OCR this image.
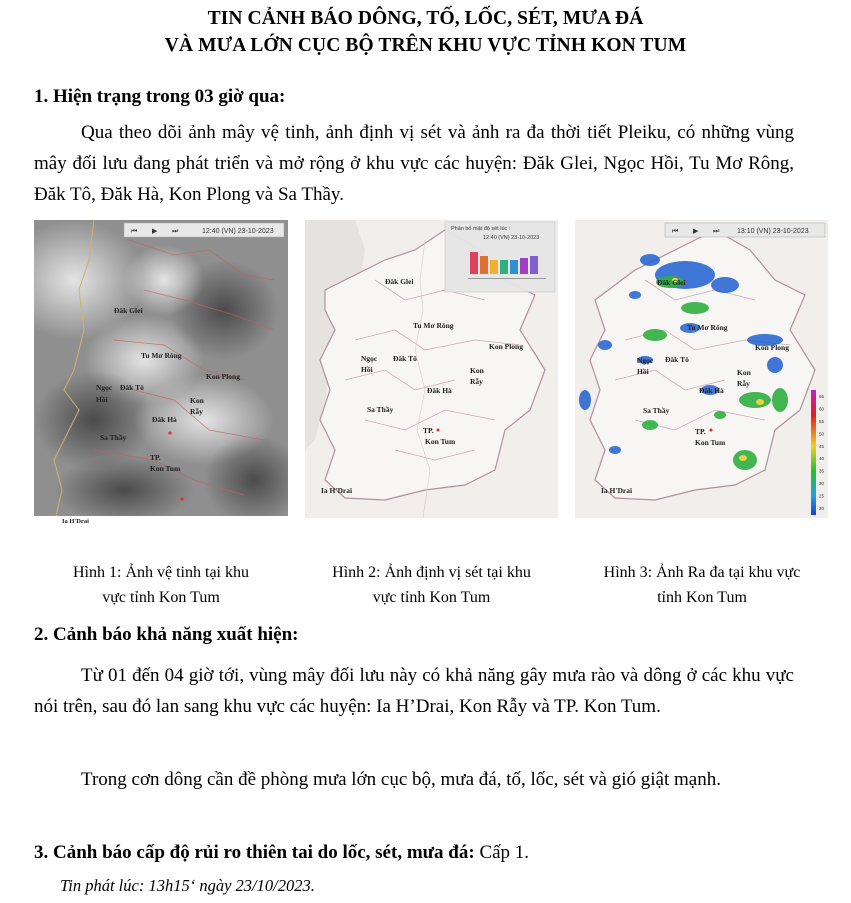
TIN CẢNH BÁO DÔNG, TỐ, LỐC, SÉT, MƯA ĐÁ
VÀ MƯA LỚN CỤC BỘ TRÊN KHU VỰC TỈNH KON TUM
1. Hiện trạng trong 03 giờ qua:
Qua theo dõi ảnh mây vệ tinh, ảnh định vị sét và ảnh ra đa thời tiết Pleiku, có những vùng mây đối lưu đang phát triển và mở rộng ở khu vực các huyện: Đăk Glei, Ngọc Hồi, Tu Mơ Rông, Đăk Tô, Đăk Hà, Kon Plong và Sa Thầy.
⏮ ▶ ⏭	12:40 (VN) 23-10-2023
Đăk Glei
Tu Mơ Rông
Kon Plong
Ngọc
Hồi
Đăk Tô
Kon
Rẫy
Đăk Hà
Sa Thầy
TP.
Kon Tum
Ia H'Drai
Phân bố mật độ sét lúc :
12:40 (VN) 23-10-2023
Đăk Glei
Tu Mơ Rông
Kon Plong
Ngọc
Hồi
Đăk Tô
Kon
Rẫy
Đăk Hà
Sa Thầy
TP.
Kon Tum
Ia H'Drai
⏮ ▶ ⏭	13:10 (VN) 23-10-2023
65
60
55
50
45
40
35
30
25
20
Đăk Glei
Tu Mơ Rông
Kon Plong
Ngọc
Hồi
Đăk Tô
Kon
Rẫy
Đăk Hà
Sa Thầy
TP.
Kon Tum
Ia H'Drai
Hình 1: Ảnh vệ tinh tại khu
vực tỉnh Kon Tum
Hình 2: Ảnh định vị sét tại khu
vực tỉnh Kon Tum
Hình 3: Ảnh Ra đa tại khu vực
tỉnh Kon Tum
2. Cảnh báo khả năng xuất hiện:
Từ 01 đến 04 giờ tới, vùng mây đối lưu này có khả năng gây mưa rào và dông ở các khu vực nói trên, sau đó lan sang khu vực các huyện: Ia H’Drai, Kon Rẫy và TP. Kon Tum.
Trong cơn dông cần đề phòng mưa lớn cục bộ, mưa đá, tố, lốc, sét và gió giật mạnh.
3. Cảnh báo cấp độ rủi ro thiên tai do lốc, sét, mưa đá: Cấp 1.
Tin phát lúc: 13h15‘ ngày 23/10/2023.
